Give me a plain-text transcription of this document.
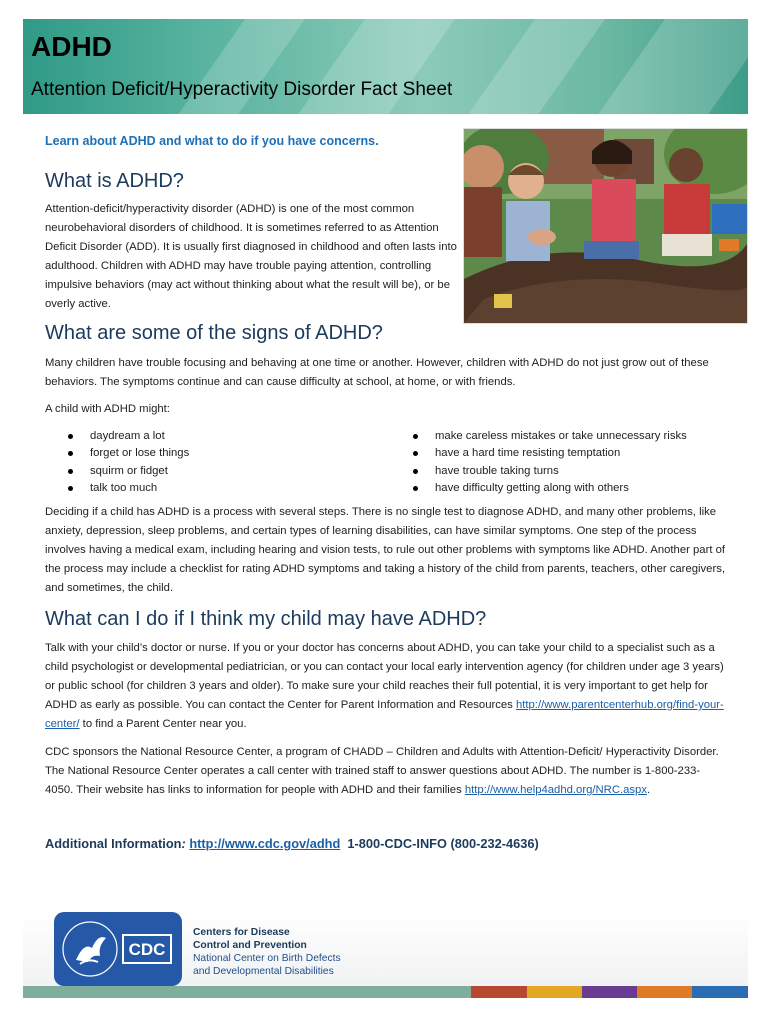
ADHD

Attention Deficit/Hyperactivity Disorder Fact Sheet

Learn about ADHD and what to do if you have concerns.

What is ADHD?

Attention-deficit/hyperactivity disorder (ADHD) is one of the most common neurobehavioral disorders of childhood. It is sometimes referred to as Attention Deficit Disorder (ADD). It is usually first diagnosed in childhood and often lasts into adulthood. Children with ADHD may have trouble paying attention, controlling impulsive behaviors (may act without thinking about what the result will be), or be overly active.

What are some of the signs of ADHD?

Many children have trouble focusing and behaving at one time or another. However, children with ADHD do not just grow out of these behaviors. The symptoms continue and can cause difficulty at school, at home, or with friends.

A child with ADHD might:

daydream a lot
forget or lose things
squirm or fidget
talk too much
make careless mistakes or take unnecessary risks
have a hard time resisting temptation
have trouble taking turns
have difficulty getting along with others

Deciding if a child has ADHD is a process with several steps. There is no single test to diagnose ADHD, and many other problems, like anxiety, depression, sleep problems, and certain types of learning disabilities, can have similar symptoms. One step of the process involves having a medical exam, including hearing and vision tests, to rule out other problems with symptoms like ADHD. Another part of the process may include a checklist for rating ADHD symptoms and taking a history of the child from parents, teachers, other caregivers, and sometimes, the child.

What can I do if I think my child may have ADHD?

Talk with your child’s doctor or nurse. If you or your doctor has concerns about ADHD, you can take your child to a specialist such as a child psychologist or developmental pediatrician, or you can contact your local early intervention agency (for children under age 3 years) or public school (for children 3 years and older). To make sure your child reaches their full potential, it is very important to get help for ADHD as early as possible. You can contact the Center for Parent Information and Resources http://www.parentcenterhub.org/find-your-center/ to find a Parent Center near you.

CDC sponsors the National Resource Center, a program of CHADD – Children and Adults with Attention-Deficit/ Hyperactivity Disorder. The National Resource Center operates a call center with trained staff to answer questions about ADHD. The number is 1-800-233-4050. Their website has links to information for people with ADHD and their families http://www.help4adhd.org/NRC.aspx.

Additional Information: http://www.cdc.gov/adhd 1-800-CDC-INFO (800-232-4636)

CDC

Centers for Disease
Control and Prevention
National Center on Birth Defects
and Developmental Disabilities
